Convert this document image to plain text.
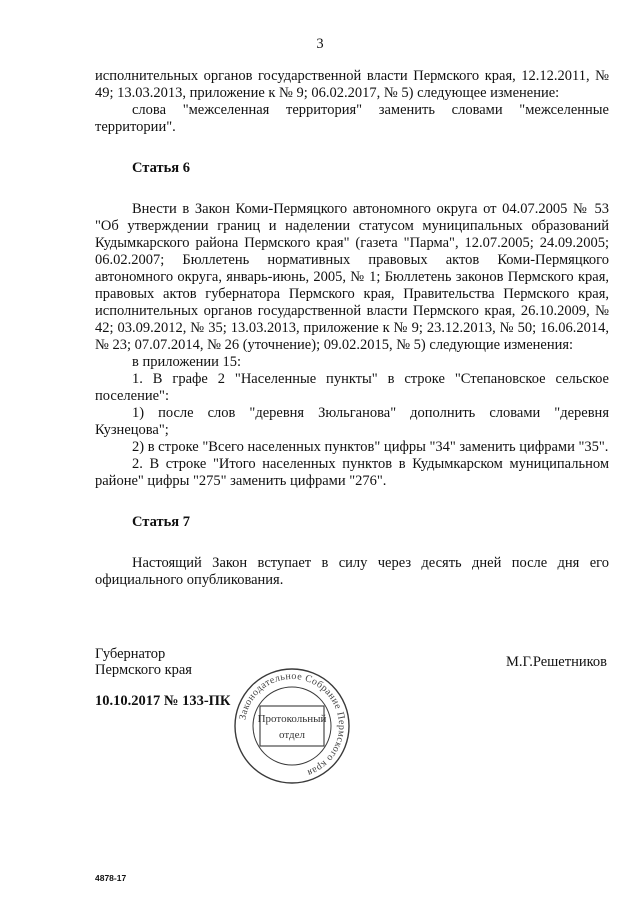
3

исполнительных органов государственной власти Пермского края, 12.12.2011, № 49; 13.03.2013, приложение к № 9; 06.02.2017, № 5) следующее изменение:

слова "межселенная территория" заменить словами "межселенные территории".

Статья 6

Внести в Закон Коми-Пермяцкого автономного округа от 04.07.2005 № 53 "Об утверждении границ и наделении статусом муниципальных образований Кудымкарского района Пермского края" (газета "Парма", 12.07.2005; 24.09.2005; 06.02.2007; Бюллетень нормативных правовых актов Коми-Пермяцкого автономного округа, январь-июнь, 2005, № 1; Бюллетень законов Пермского края, правовых актов губернатора Пермского края, Правительства Пермского края, исполнительных органов государственной власти Пермского края, 26.10.2009, № 42; 03.09.2012, № 35; 13.03.2013, приложение к № 9; 23.12.2013, № 50; 16.06.2014, № 23; 07.07.2014, № 26 (уточнение); 09.02.2015, № 5) следующие изменения:

в приложении 15:

1. В графе 2 "Населенные пункты" в строке "Степановское сельское поселение":

1) после слов "деревня Зюльганова" дополнить словами "деревня Кузнецова";

2) в строке "Всего населенных пунктов" цифры "34" заменить цифрами "35".

2. В строке "Итого населенных пунктов в Кудымкарском муниципальном районе" цифры "275" заменить цифрами "276".

Статья 7

Настоящий Закон вступает в силу через десять дней после дня его официального опубликования.

Губернатор
Пермского края	М.Г.Решетников
10.10.2017 № 133-ПК
Законодательное Собрание Пермского края
Протокольный
отдел
4878-17
